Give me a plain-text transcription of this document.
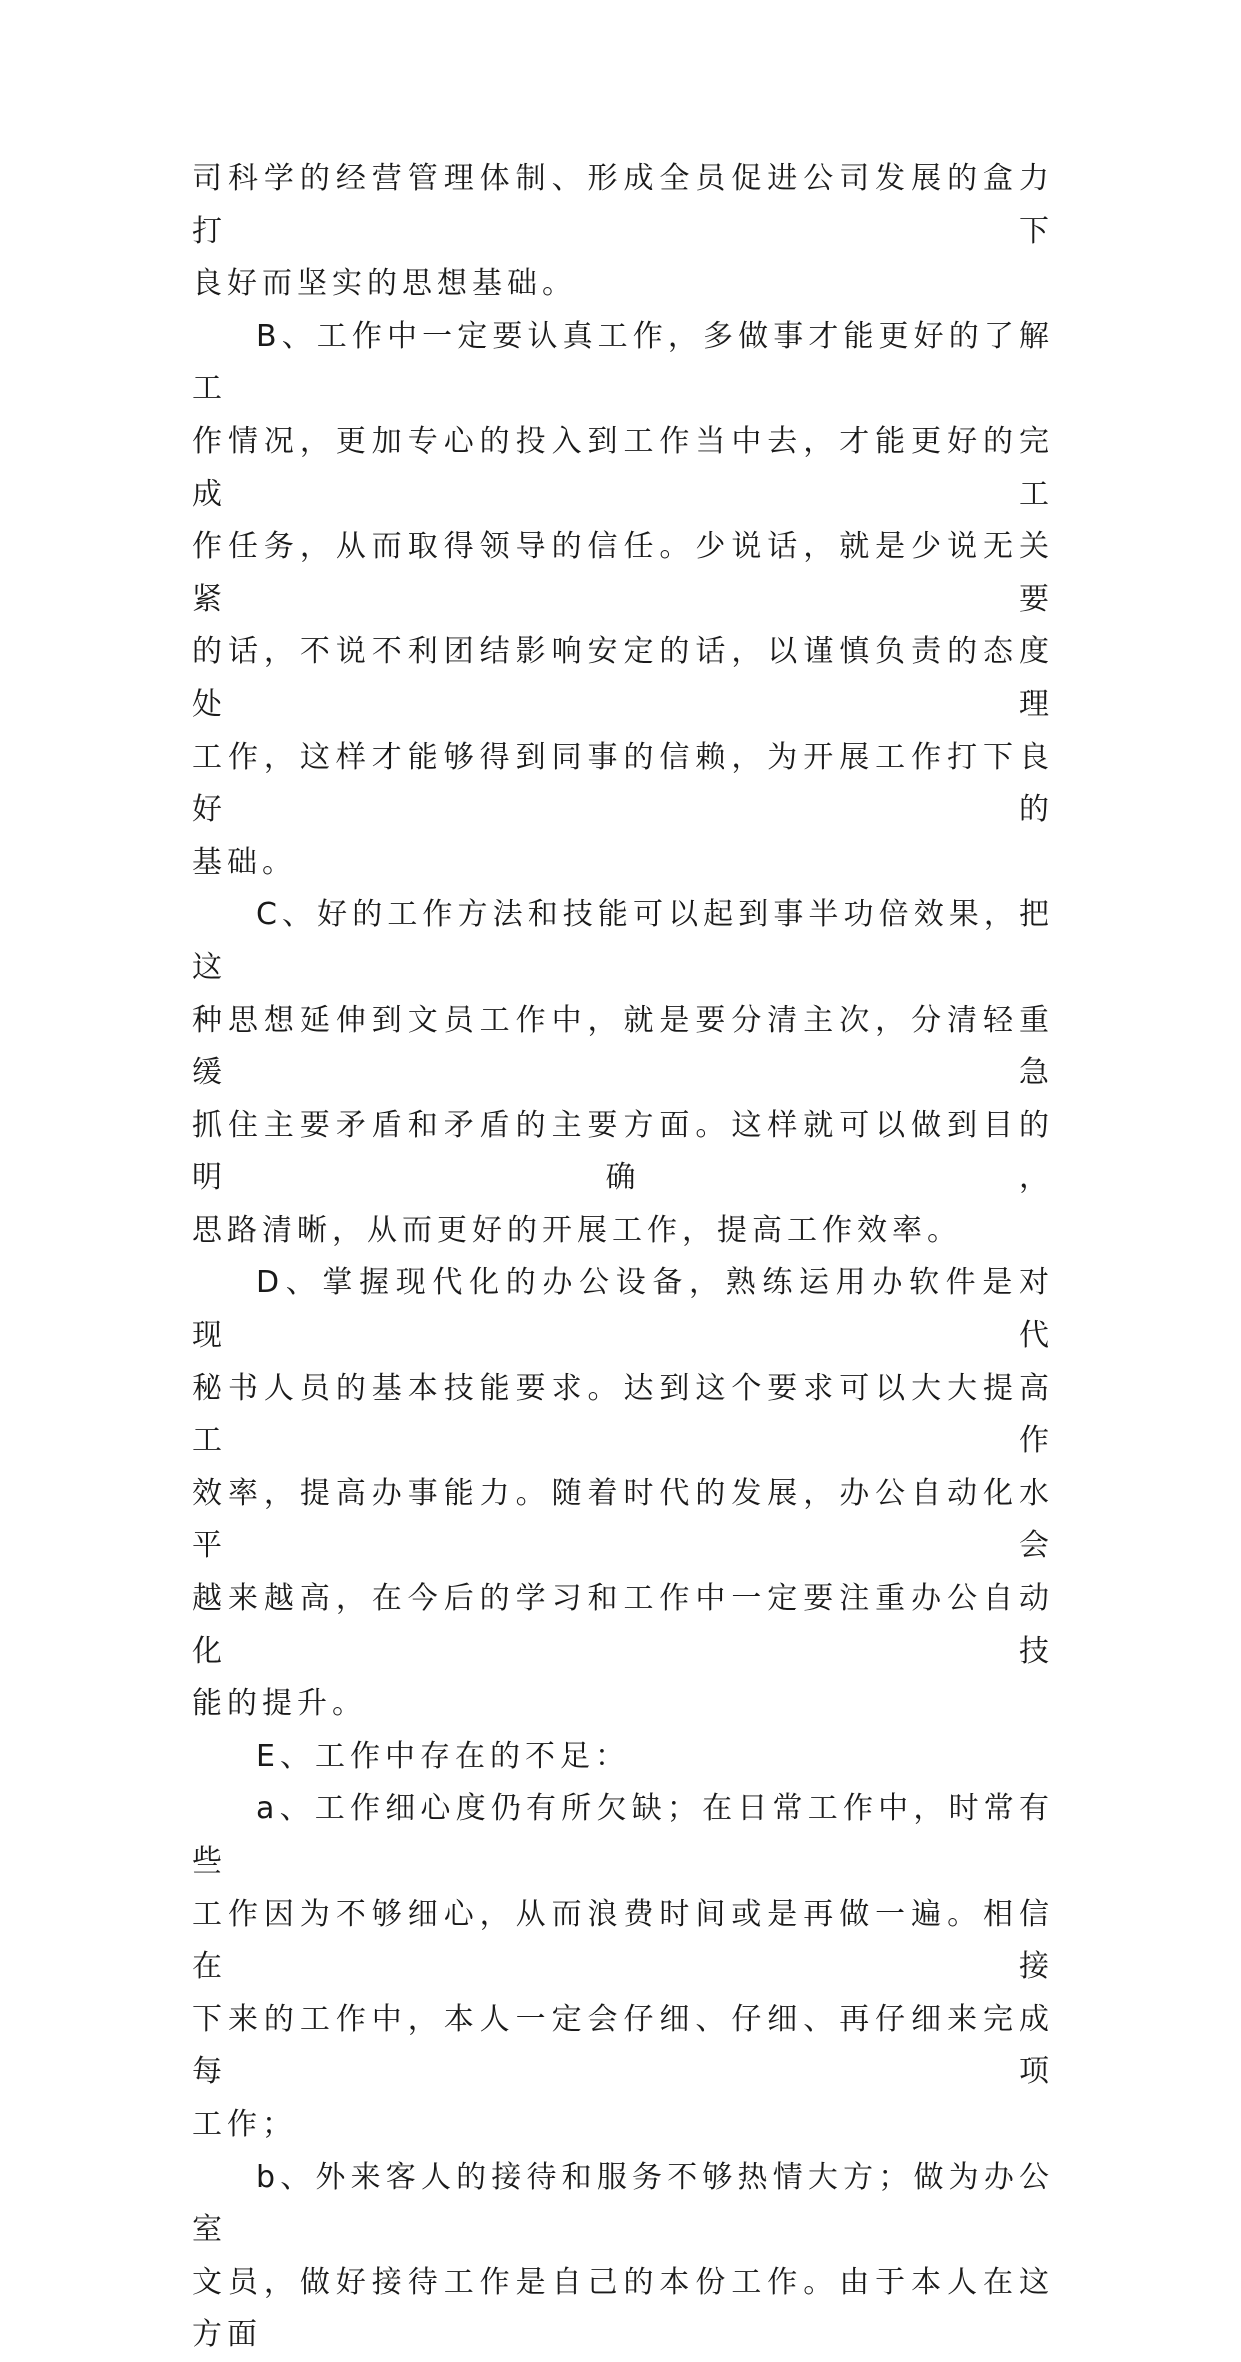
司科学的经营管理体制、形成全员促进公司发展的盒力打下
良好而坚实的思想基础。
B、工作中一定要认真工作，多做事才能更好的了解工
作情况，更加专心的投入到工作当中去，才能更好的完成工
作任务，从而取得领导的信任。少说话，就是少说无关紧要
的话，不说不利团结影响安定的话，以谨慎负责的态度处理
工作，这样才能够得到同事的信赖，为开展工作打下良好的
基础。
C、好的工作方法和技能可以起到事半功倍效果，把这
种思想延伸到文员工作中，就是要分清主次，分清轻重缓急
抓住主要矛盾和矛盾的主要方面。这样就可以做到目的明确，
思路清晰，从而更好的开展工作，提高工作效率。
D、掌握现代化的办公设备，熟练运用办软件是对现代
秘书人员的基本技能要求。达到这个要求可以大大提高工作
效率，提高办事能力。随着时代的发展，办公自动化水平会
越来越高，在今后的学习和工作中一定要注重办公自动化技
能的提升。
E、工作中存在的不足：
a、工作细心度仍有所欠缺；在日常工作中，时常有些
工作因为不够细心，从而浪费时间或是再做一遍。相信在接
下来的工作中，本人一定会仔细、仔细、再仔细来完成每项
工作；
b、外来客人的接待和服务不够热情大方；做为办公室
文员，做好接待工作是自己的本份工作。由于本人在这方面
